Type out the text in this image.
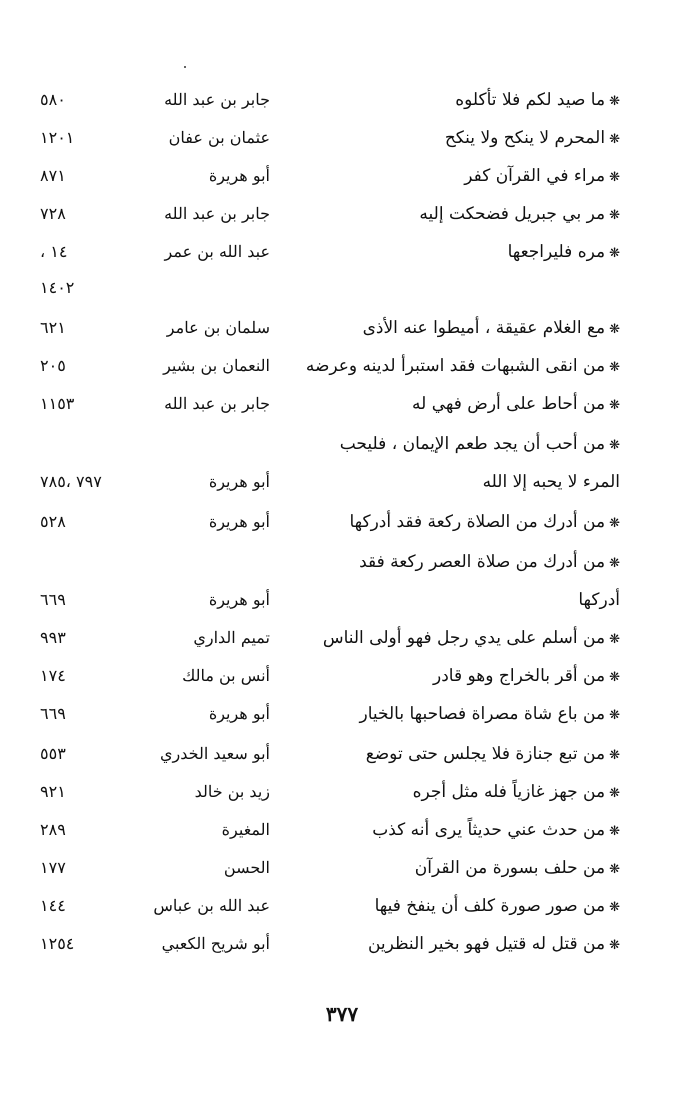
❋ما صيد لكم فلا تأكلوه
جابر بن عبد الله
٥٨٠
❋المحرم لا ينكح ولا ينكح
عثمان بن عفان
١٢٠١
❋مراء في القرآن كفر
أبو هريرة
٨٧١
❋مر بي جبريل فضحكت إليه
جابر بن عبد الله
٧٢٨
❋مره فليراجعها
عبد الله بن عمر
١٤ ،
١٤٠٢
❋مع الغلام عقيقة ، أميطوا عنه الأذى
سلمان بن عامر
٦٢١
❋من انقى الشبهات فقد استبرأ لدينه وعرضه
النعمان بن بشير
٢٠٥
❋من أحاط على أرض فهي له
جابر بن عبد الله
١١٥٣
❋من أحب أن يجد طعم الإيمان ، فليحب
المرء لا يحبه إلا الله
أبو هريرة
٧٩٧ ،٧٨٥
❋من أدرك من الصلاة ركعة فقد أدركها
أبو هريرة
٥٢٨
❋من أدرك من صلاة العصر ركعة فقد
أدركها
أبو هريرة
٦٦٩
❋من أسلم على يدي رجل فهو أولى الناس
تميم الداري
٩٩٣
❋من أقر بالخراج وهو قادر
أنس بن مالك
١٧٤
❋من باع شاة مصراة فصاحبها بالخيار
أبو هريرة
٦٦٩
❋من تبع جنازة فلا يجلس حتى توضع
أبو سعيد الخدري
٥٥٣
❋من جهز غازياً فله مثل أجره
زيد بن خالد
٩٢١
❋من حدث عني حديثاً يرى أنه كذب
المغيرة
٢٨٩
❋من حلف بسورة من القرآن
الحسن
١٧٧
❋من صور صورة كلف أن ينفخ فيها
عبد الله بن عباس
١٤٤
❋من قتل له قتيل فهو بخير النظرين
أبو شريح الكعبي
١٢٥٤
٣٧٧
